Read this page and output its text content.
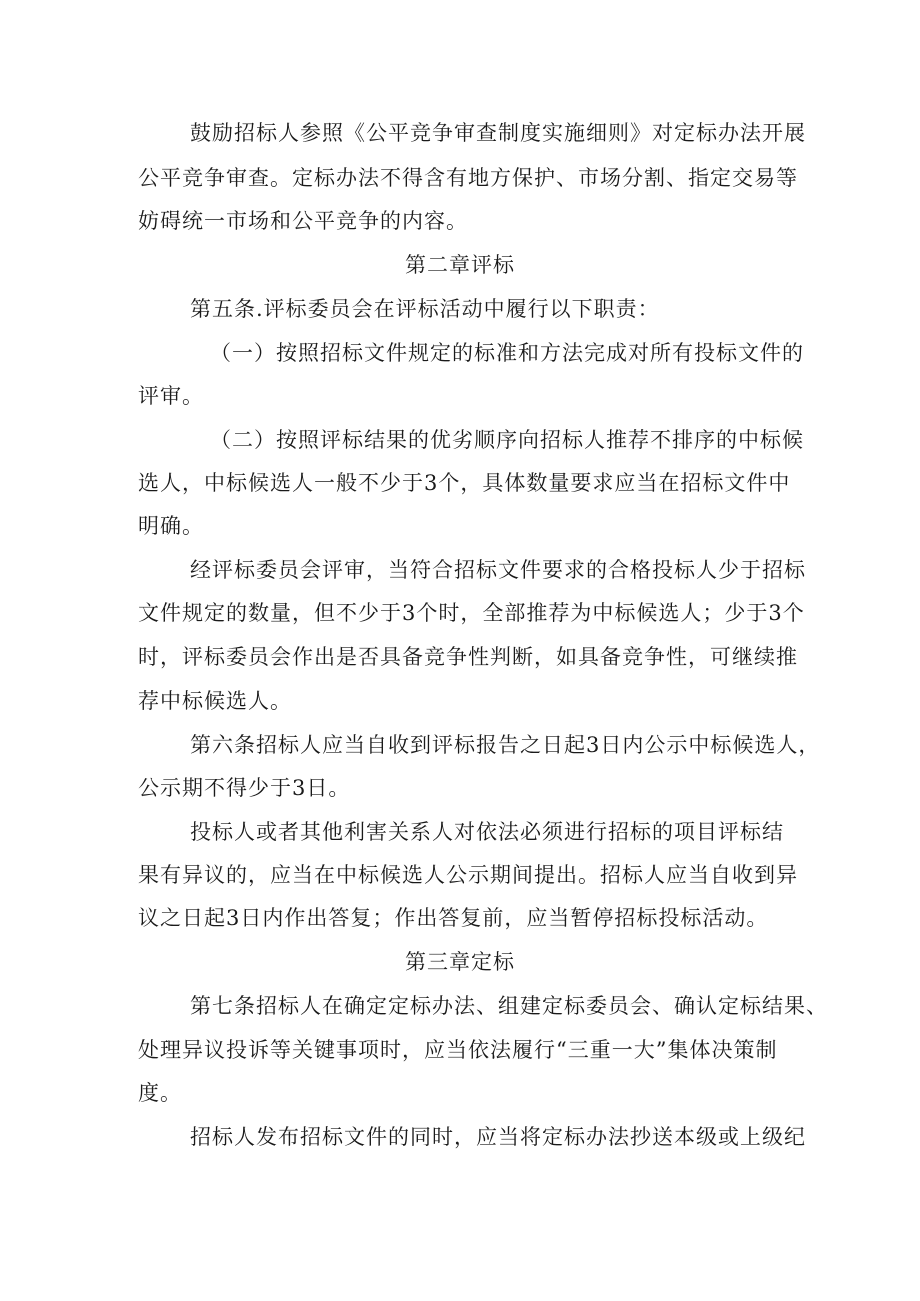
鼓励招标人参照《公平竞争审查制度实施细则》对定标办法开展
公平竞争审查。定标办法不得含有地方保护、市场分割、指定交易等
妨碍统一市场和公平竞争的内容。
第二章评标
第五条.评标委员会在评标活动中履行以下职责：
（一）按照招标文件规定的标准和方法完成对所有投标文件的
评审。
（二）按照评标结果的优劣顺序向招标人推荐不排序的中标候
选人，中标候选人一般不少于3个，具体数量要求应当在招标文件中
明确。
经评标委员会评审，当符合招标文件要求的合格投标人少于招标
文件规定的数量，但不少于3个时，全部推荐为中标候选人；少于3个
时，评标委员会作出是否具备竞争性判断，如具备竞争性，可继续推
荐中标候选人。
第六条招标人应当自收到评标报告之日起3日内公示中标候选人，
公示期不得少于3日。
投标人或者其他利害关系人对依法必须进行招标的项目评标结
果有异议的，应当在中标候选人公示期间提出。招标人应当自收到异
议之日起3日内作出答复；作出答复前，应当暂停招标投标活动。
第三章定标
第七条招标人在确定定标办法、组建定标委员会、确认定标结果、
处理异议投诉等关键事项时，应当依法履行“三重一大”集体决策制
度。
招标人发布招标文件的同时，应当将定标办法抄送本级或上级纪
